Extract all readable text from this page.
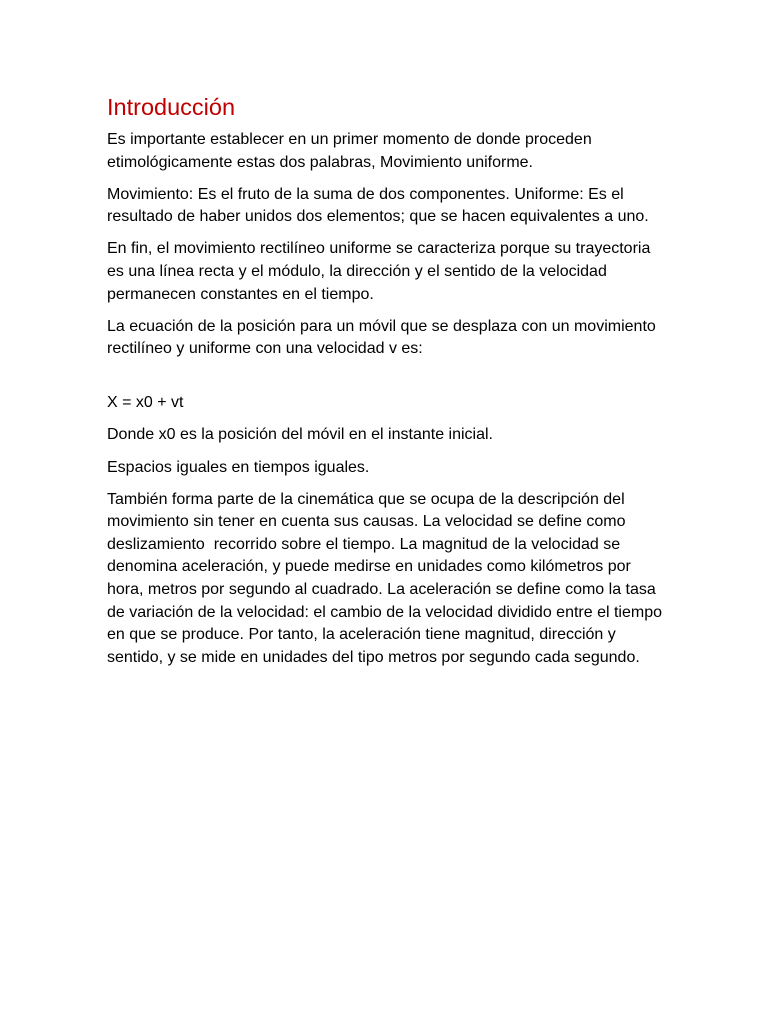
Introducción

Es importante establecer en un primer momento de donde proceden etimológicamente estas dos palabras, Movimiento uniforme.

Movimiento: Es el fruto de la suma de dos componentes. Uniforme: Es el resultado de haber unidos dos elementos; que se hacen equivalentes a uno.

En fin, el movimiento rectilíneo uniforme se caracteriza porque su trayectoria es una línea recta y el módulo, la dirección y el sentido de la velocidad permanecen constantes en el tiempo.

La ecuación de la posición para un móvil que se desplaza con un movimiento rectilíneo y uniforme con una velocidad v es:

X = x0 + vt

Donde x0 es la posición del móvil en el instante inicial.

Espacios iguales en tiempos iguales.

También forma parte de la cinemática que se ocupa de la descripción del movimiento sin tener en cuenta sus causas. La velocidad se define como deslizamiento  recorrido sobre el tiempo. La magnitud de la velocidad se denomina aceleración, y puede medirse en unidades como kilómetros por hora, metros por segundo al cuadrado. La aceleración se define como la tasa de variación de la velocidad: el cambio de la velocidad dividido entre el tiempo en que se produce. Por tanto, la aceleración tiene magnitud, dirección y sentido, y se mide en unidades del tipo metros por segundo cada segundo.
